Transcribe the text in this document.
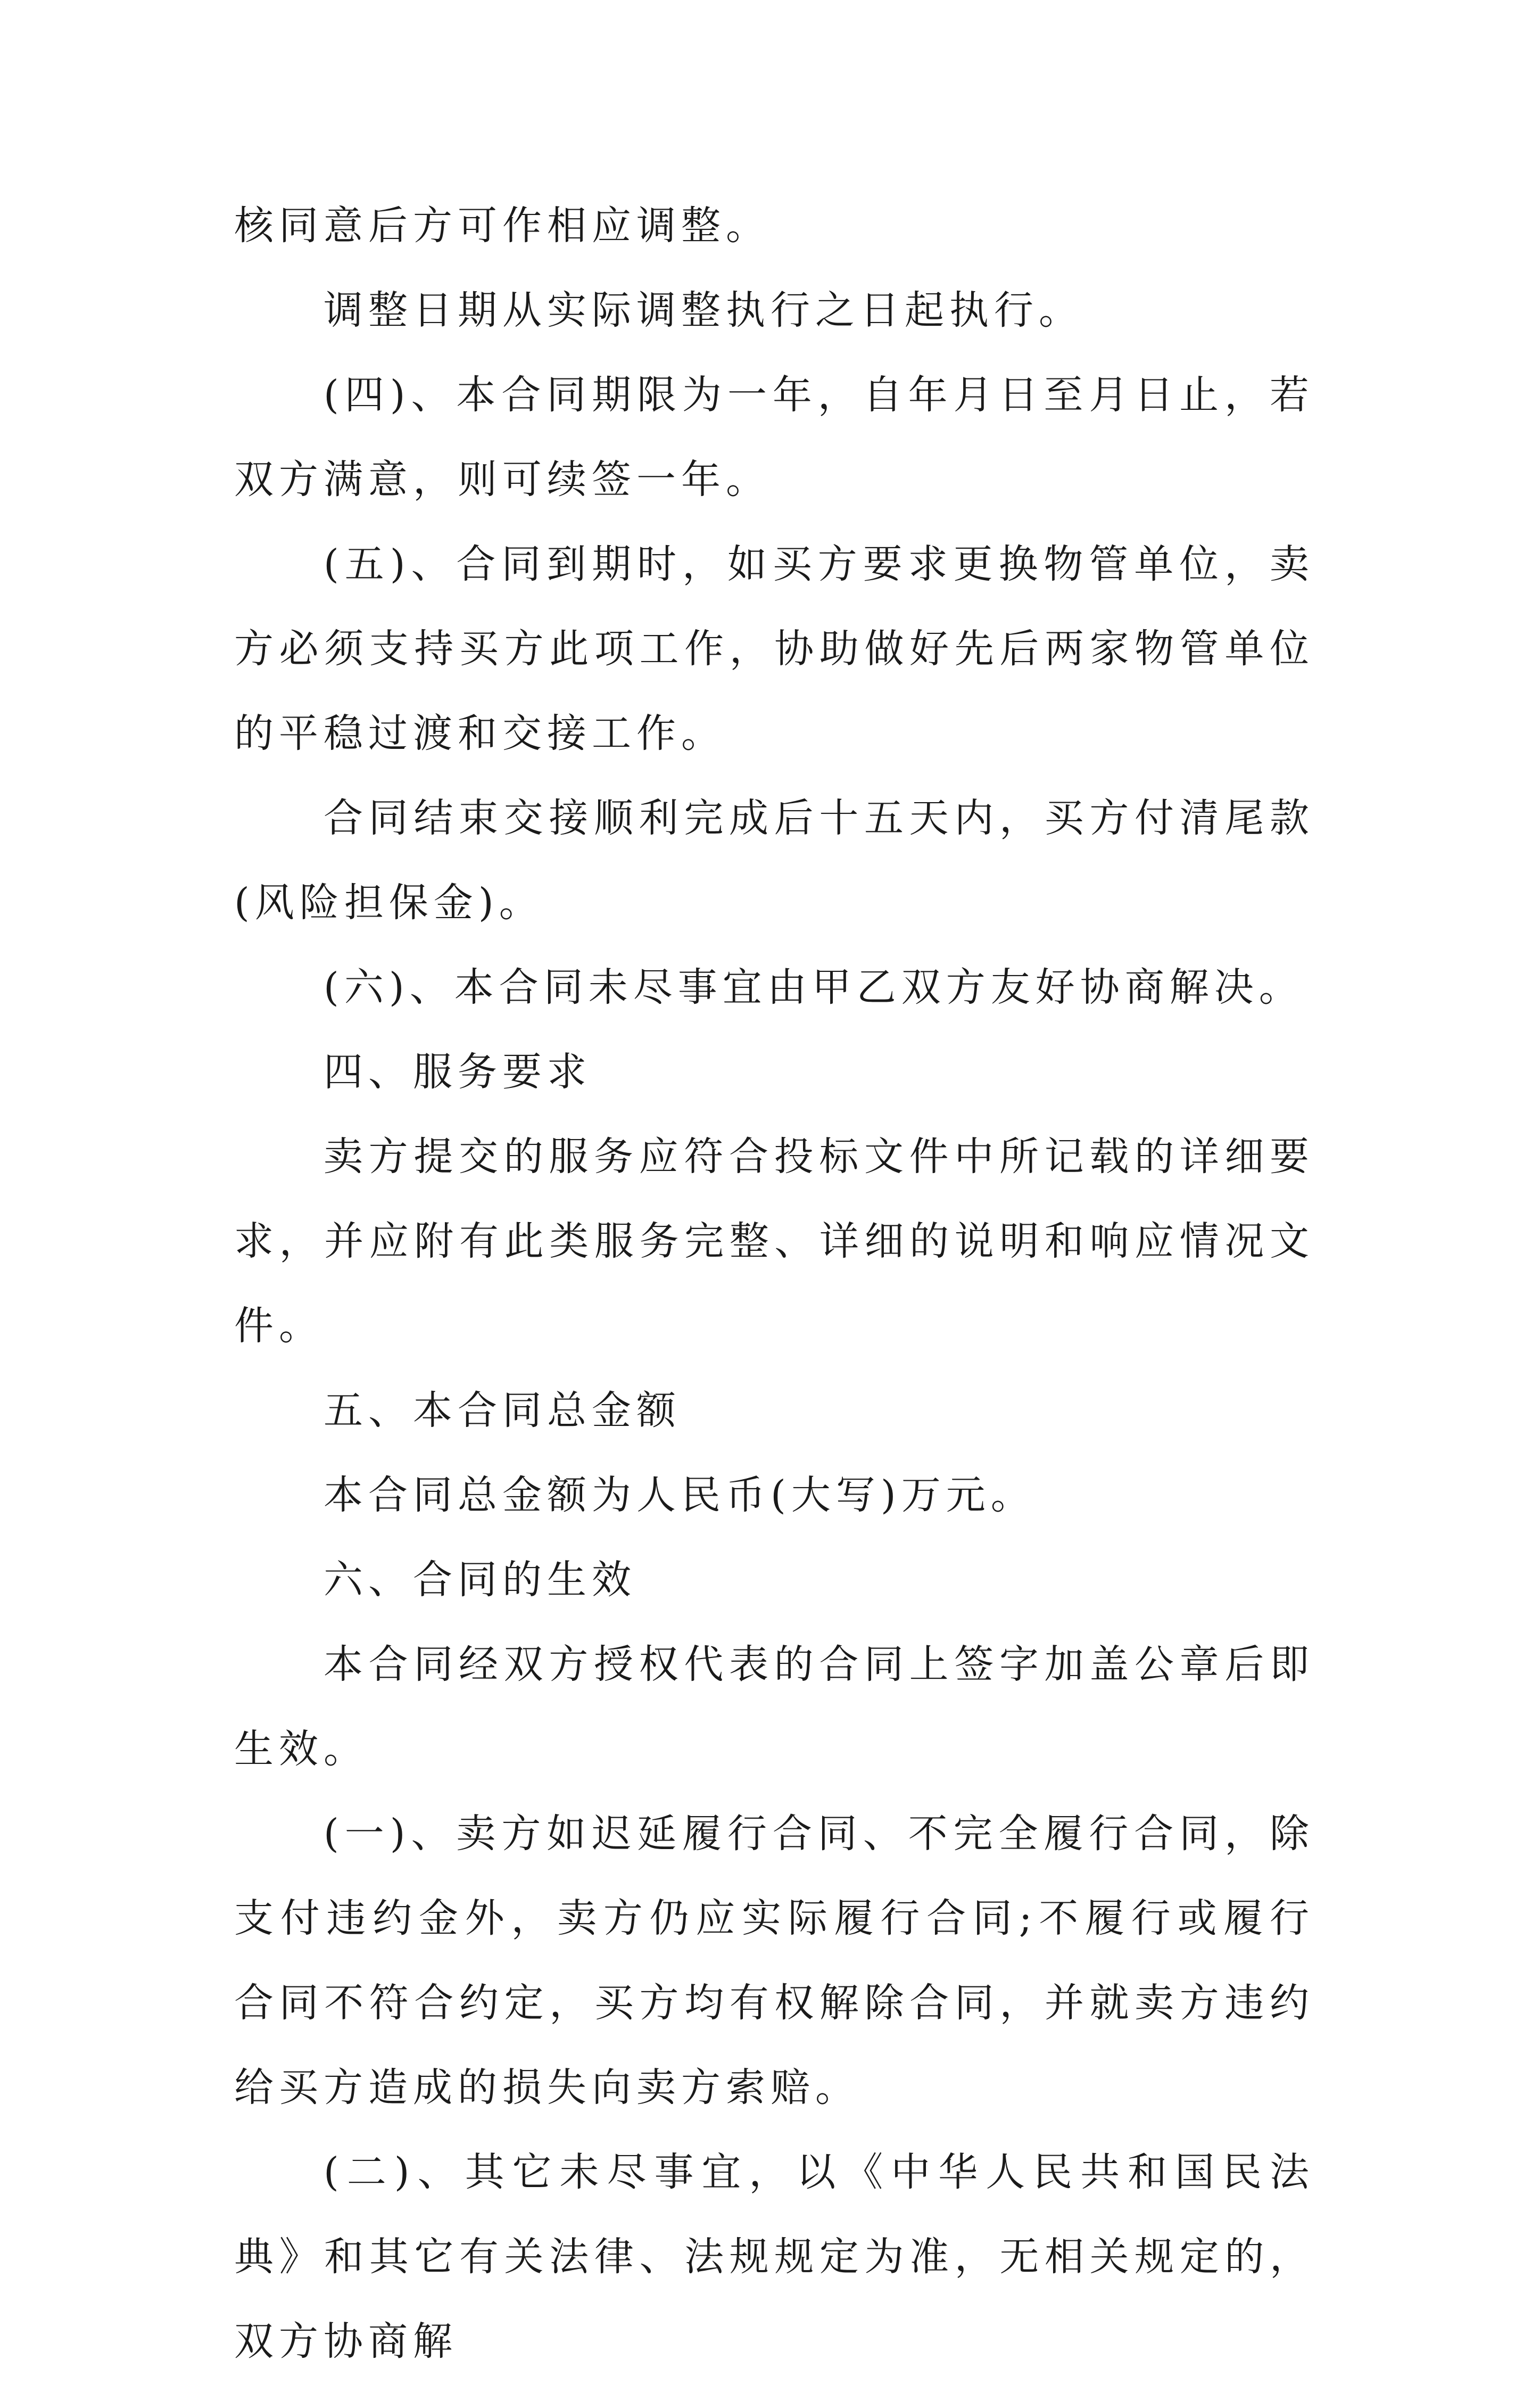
核同意后方可作相应调整。

调整日期从实际调整执行之日起执行。

(四)、本合同期限为一年，自年月日至月日止，若双方满意，则可续签一年。

(五)、合同到期时，如买方要求更换物管单位，卖方必须支持买方此项工作，协助做好先后两家物管单位的平稳过渡和交接工作。

合同结束交接顺利完成后十五天内，买方付清尾款(风险担保金)。

(六)、本合同未尽事宜由甲乙双方友好协商解决。

四、服务要求

卖方提交的服务应符合投标文件中所记载的详细要求，并应附有此类服务完整、详细的说明和响应情况文件。

五、本合同总金额

本合同总金额为人民币(大写)万元。

六、合同的生效

本合同经双方授权代表的合同上签字加盖公章后即生效。

(一)、卖方如迟延履行合同、不完全履行合同，除支付违约金外，卖方仍应实际履行合同;不履行或履行合同不符合约定，买方均有权解除合同，并就卖方违约给买方造成的损失向卖方索赔。

(二)、其它未尽事宜，以《中华人民共和国民法典》和其它有关法律、法规规定为准，无相关规定的，双方协商解
